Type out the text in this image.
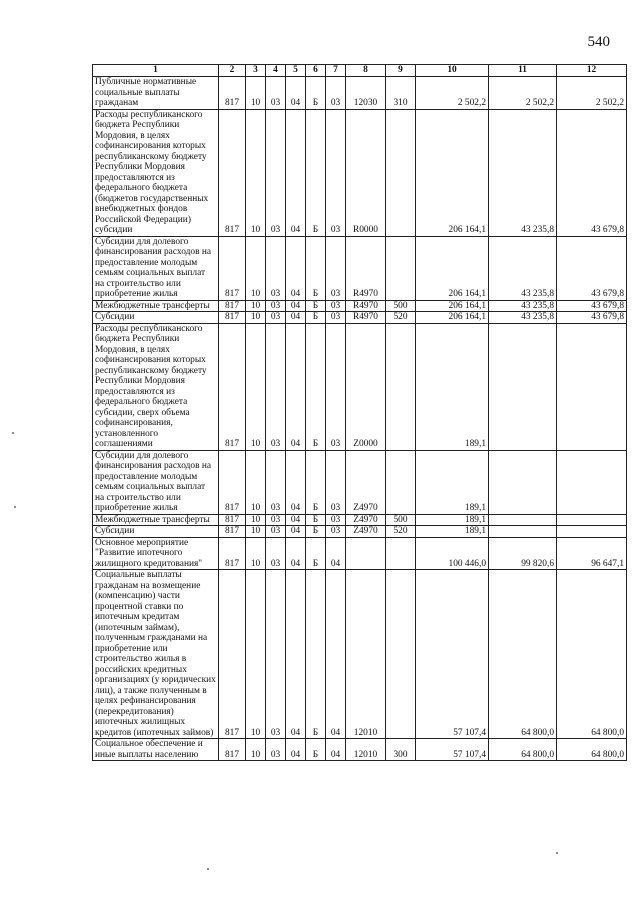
540
1	2	3	4	5	6	7	8	9	10	11	12
Публичные нормативные социальные выплаты гражданам	817	10	03	04	Б	03	12030	310	2 502,2	2 502,2	2 502,2
Расходы республиканского бюджета Республики Мордовия, в целях софинансирования которых республиканскому бюджету Республики Мордовия предоставляются из федерального бюджета (бюджетов государственных внебюджетных фондов Российской Федерации) субсидии	817	10	03	04	Б	03	R0000		206 164,1	43 235,8	43 679,8
Субсидии для долевого финансирования расходов на предоставление молодым семьям социальных выплат на строительство или приобретение жилья	817	10	03	04	Б	03	R4970		206 164,1	43 235,8	43 679,8
Межбюджетные трансферты	817	10	03	04	Б	03	R4970	500	206 164,1	43 235,8	43 679,8
Субсидии	817	10	03	04	Б	03	R4970	520	206 164,1	43 235,8	43 679,8
Расходы республиканского бюджета Республики Мордовия, в целях софинансирования которых республиканскому бюджету Республики Мордовия предоставляются из федерального бюджета субсидии, сверх объема софинансирования, установленного соглашениями	817	10	03	04	Б	03	Z0000		189,1		
Субсидии для долевого финансирования расходов на предоставление молодым семьям социальных выплат на строительство или приобретение жилья	817	10	03	04	Б	03	Z4970		189,1		
Межбюджетные трансферты	817	10	03	04	Б	03	Z4970	500	189,1		
Субсидии	817	10	03	04	Б	03	Z4970	520	189,1		
Основное мероприятие "Развитие ипотечного жилищного кредитования"	817	10	03	04	Б	04			100 446,0	99 820,6	96 647,1
Социальные выплаты гражданам на возмещение (компенсацию) части процентной ставки по ипотечным кредитам (ипотечным займам), полученным гражданами на приобретение или строительство жилья в российских кредитных организациях (у юридических лиц), а также полученным в целях рефинансирования (перекредитования) ипотечных жилищных кредитов (ипотечных займов)	817	10	03	04	Б	04	12010		57 107,4	64 800,0	64 800,0
Социальное обеспечение и иные выплаты населению	817	10	03	04	Б	04	12010	300	57 107,4	64 800,0	64 800,0
